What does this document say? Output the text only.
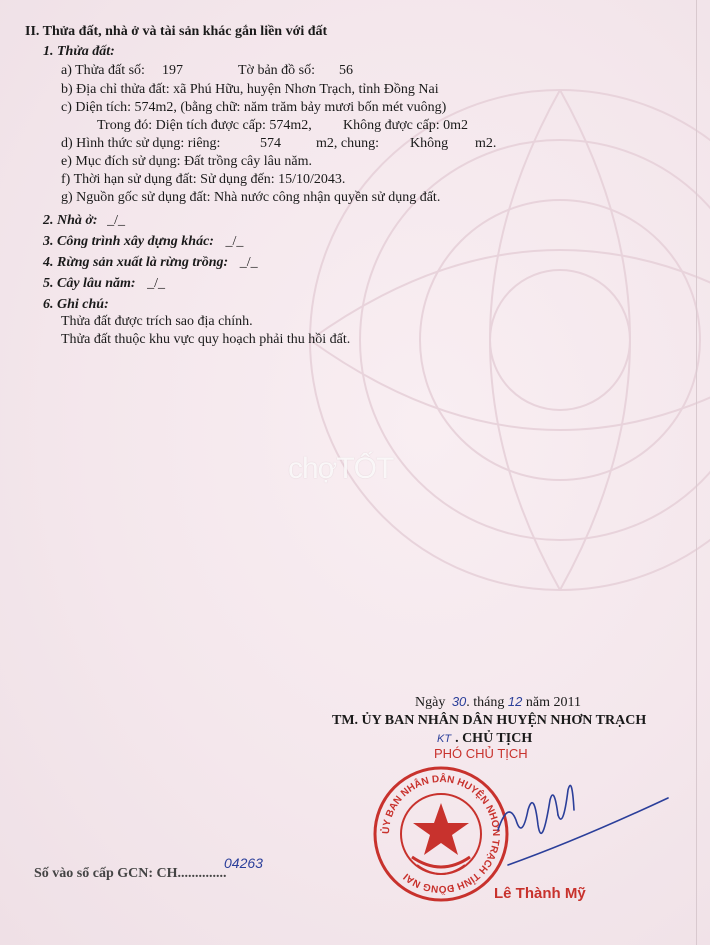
II. Thửa đất, nhà ở và tài sản khác gắn liền với đất
1. Thửa đất:
a) Thửa đất số: 197	Tờ bản đồ số: 56
b) Địa chỉ thửa đất: xã Phú Hữu, huyện Nhơn Trạch, tỉnh Đồng Nai
c) Diện tích: 574m2, (bằng chữ: năm trăm bảy mươi bốn mét vuông)
Trong đó: Diện tích được cấp: 574m2, Không được cấp: 0m2
d) Hình thức sử dụng: riêng:	574	m2, chung: Không m2.
e) Mục đích sử dụng: Đất trồng cây lâu năm.
f) Thời hạn sử dụng đất: Sử dụng đến: 15/10/2043.
g) Nguồn gốc sử dụng đất: Nhà nước công nhận quyền sử dụng đất.
2. Nhà ở: _/_
3. Công trình xây dựng khác: _/_
4. Rừng sản xuất là rừng trồng: _/_
5. Cây lâu năm: _/_
6. Ghi chú:
Thửa đất được trích sao địa chính.
Thửa đất thuộc khu vực quy hoạch phải thu hồi đất.
chợTỐT
Ngày 30. tháng 12 năm 2011
TM. ỦY BAN NHÂN DÂN HUYỆN NHƠN TRẠCH
KT . CHỦ TỊCH
PHÓ CHỦ TỊCH
ỦY BAN NHÂN DÂN HUYỆN NHƠN TRẠCH TỈNH ĐỒNG NAI
Lê Thành Mỹ
Số vào sổ cấp GCN: CH..............
04263
